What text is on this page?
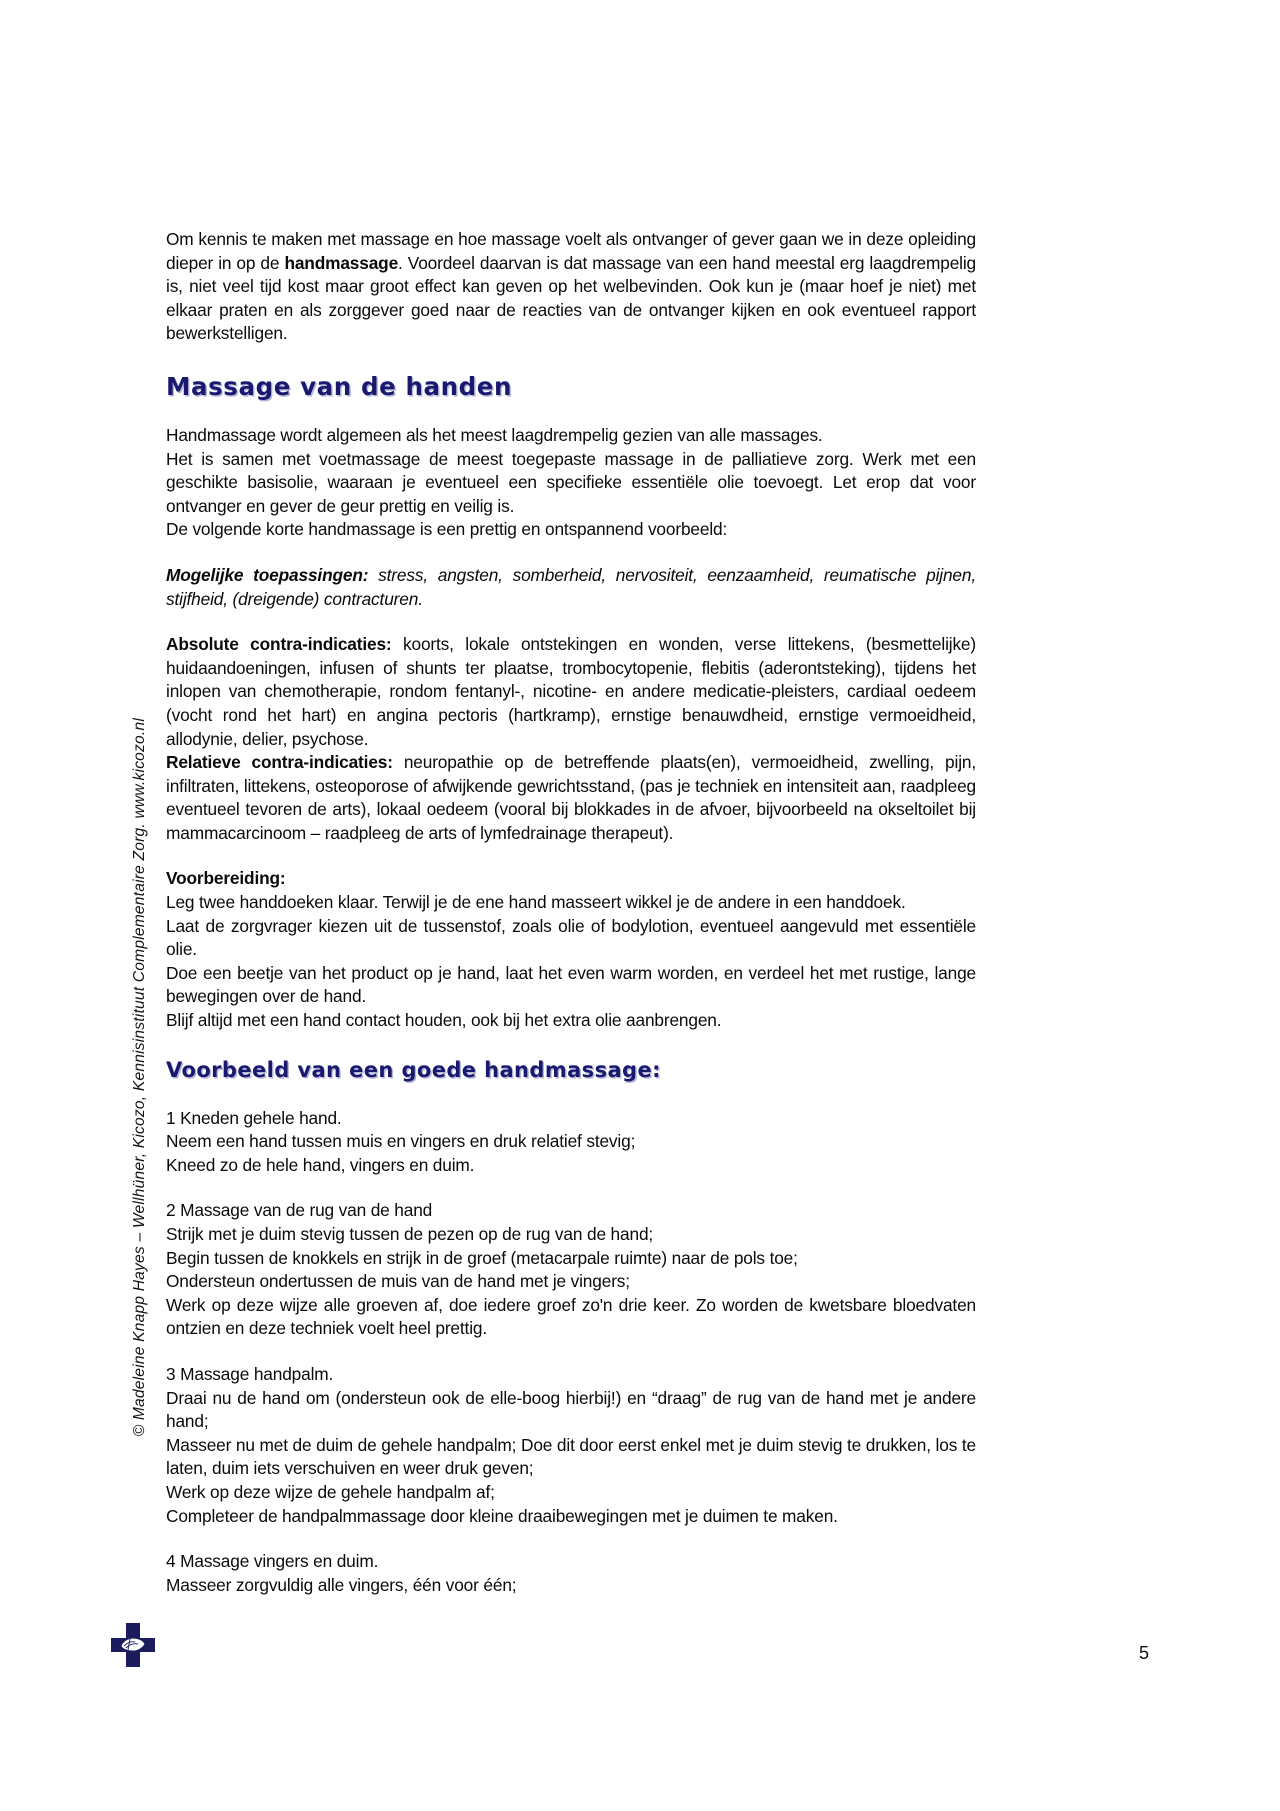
© Madeleine Knapp Hayes – Wellhüner, Kicozo, Kennisinstituut Complementaire Zorg. www.kicozo.nl

Om kennis te maken met massage en hoe massage voelt als ontvanger of gever gaan we in deze opleiding dieper in op de handmassage. Voordeel daarvan is dat massage van een hand meestal erg laagdrempelig is, niet veel tijd kost maar groot effect kan geven op het welbevinden. Ook kun je (maar hoef je niet) met elkaar praten en als zorggever goed naar de reacties van de ontvanger kijken en ook eventueel rapport bewerkstelligen.

Massage van de handen

Handmassage wordt algemeen als het meest laagdrempelig gezien van alle massages.

Het is samen met voetmassage de meest toegepaste massage in de palliatieve zorg. Werk met een geschikte basisolie, waaraan je eventueel een specifieke essentiële olie toevoegt. Let erop dat voor ontvanger en gever de geur prettig en veilig is.

De volgende korte handmassage is een prettig en ontspannend voorbeeld:

Mogelijke toepassingen: stress, angsten, somberheid, nervositeit, eenzaamheid, reumatische pijnen, stijfheid, (dreigende) contracturen.

Absolute contra-indicaties: koorts, lokale ontstekingen en wonden, verse littekens, (besmettelijke) huidaandoeningen, infusen of shunts ter plaatse, trombocytopenie, flebitis (aderontsteking), tijdens het inlopen van chemotherapie, rondom fentanyl-, nicotine- en andere medicatie-pleisters, cardiaal oedeem (vocht rond het hart) en angina pectoris (hartkramp), ernstige benauwdheid, ernstige vermoeidheid, allodynie, delier, psychose.

Relatieve contra-indicaties: neuropathie op de betreffende plaats(en), vermoeidheid, zwelling, pijn, infiltraten, littekens, osteoporose of afwijkende gewrichtsstand, (pas je techniek en intensiteit aan, raadpleeg eventueel tevoren de arts), lokaal oedeem (vooral bij blokkades in de afvoer, bijvoorbeeld na okseltoilet bij mammacarcinoom – raadpleeg de arts of lymfedrainage therapeut).

Voorbereiding:

Leg twee handdoeken klaar. Terwijl je de ene hand masseert wikkel je de andere in een handdoek.

Laat de zorgvrager kiezen uit de tussenstof, zoals olie of bodylotion, eventueel aangevuld met essentiële olie.

Doe een beetje van het product op je hand, laat het even warm worden, en verdeel het met rustige, lange bewegingen over de hand.

Blijf altijd met een hand contact houden, ook bij het extra olie aanbrengen.

Voorbeeld van een goede handmassage:

1 Kneden gehele hand.

Neem een hand tussen muis en vingers en druk relatief stevig;

Kneed zo de hele hand, vingers en duim.

2 Massage van de rug van de hand

Strijk met je duim stevig tussen de pezen op de rug van de hand;

Begin tussen de knokkels en strijk in de groef (metacarpale ruimte) naar de pols toe;

Ondersteun ondertussen de muis van de hand met je vingers;

Werk op deze wijze alle groeven af, doe iedere groef zo'n drie keer. Zo worden de kwetsbare bloedvaten ontzien en deze techniek voelt heel prettig.

3 Massage handpalm.

Draai nu de hand om (ondersteun ook de elle-boog hierbij!) en “draag” de rug van de hand met je andere hand;

Masseer nu met de duim de gehele handpalm; Doe dit door eerst enkel met je duim stevig te drukken, los te laten, duim iets verschuiven en weer druk geven;

Werk op deze wijze de gehele handpalm af;

Completeer de handpalmmassage door kleine draaibewegingen met je duimen te maken.

4 Massage vingers en duim.

Masseer zorgvuldig alle vingers, één voor één;

5
